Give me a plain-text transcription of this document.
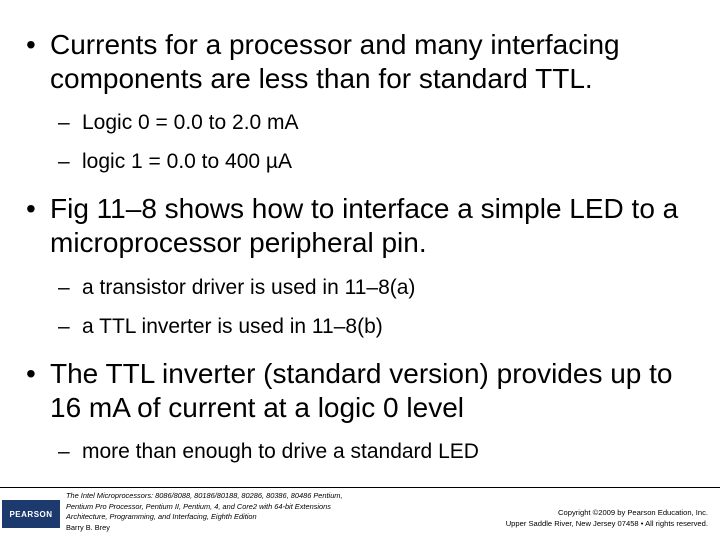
• Currents for a processor and many interfacing components are less than for standard TTL.
– Logic 0 = 0.0 to 2.0 mA
– logic 1 = 0.0 to 400 µA
• Fig 11–8 shows how to interface a simple LED to a microprocessor peripheral pin.
– a transistor driver is used in 11–8(a)
– a TTL inverter is used in 11–8(b)
• The TTL inverter (standard version) provides up to 16 mA of current at a logic 0 level
– more than enough to drive a standard LED
PEARSON
The Intel Microprocessors: 8086/8088, 80186/80188, 80286, 80386, 80486 Pentium,
Pentium Pro Processor, Pentium II, Pentium, 4, and Core2 with 64-bit Extensions
Architecture, Programming, and Interfacing, Eighth Edition
Barry B. Brey
Copyright ©2009 by Pearson Education, Inc.
Upper Saddle River, New Jersey 07458 • All rights reserved.
